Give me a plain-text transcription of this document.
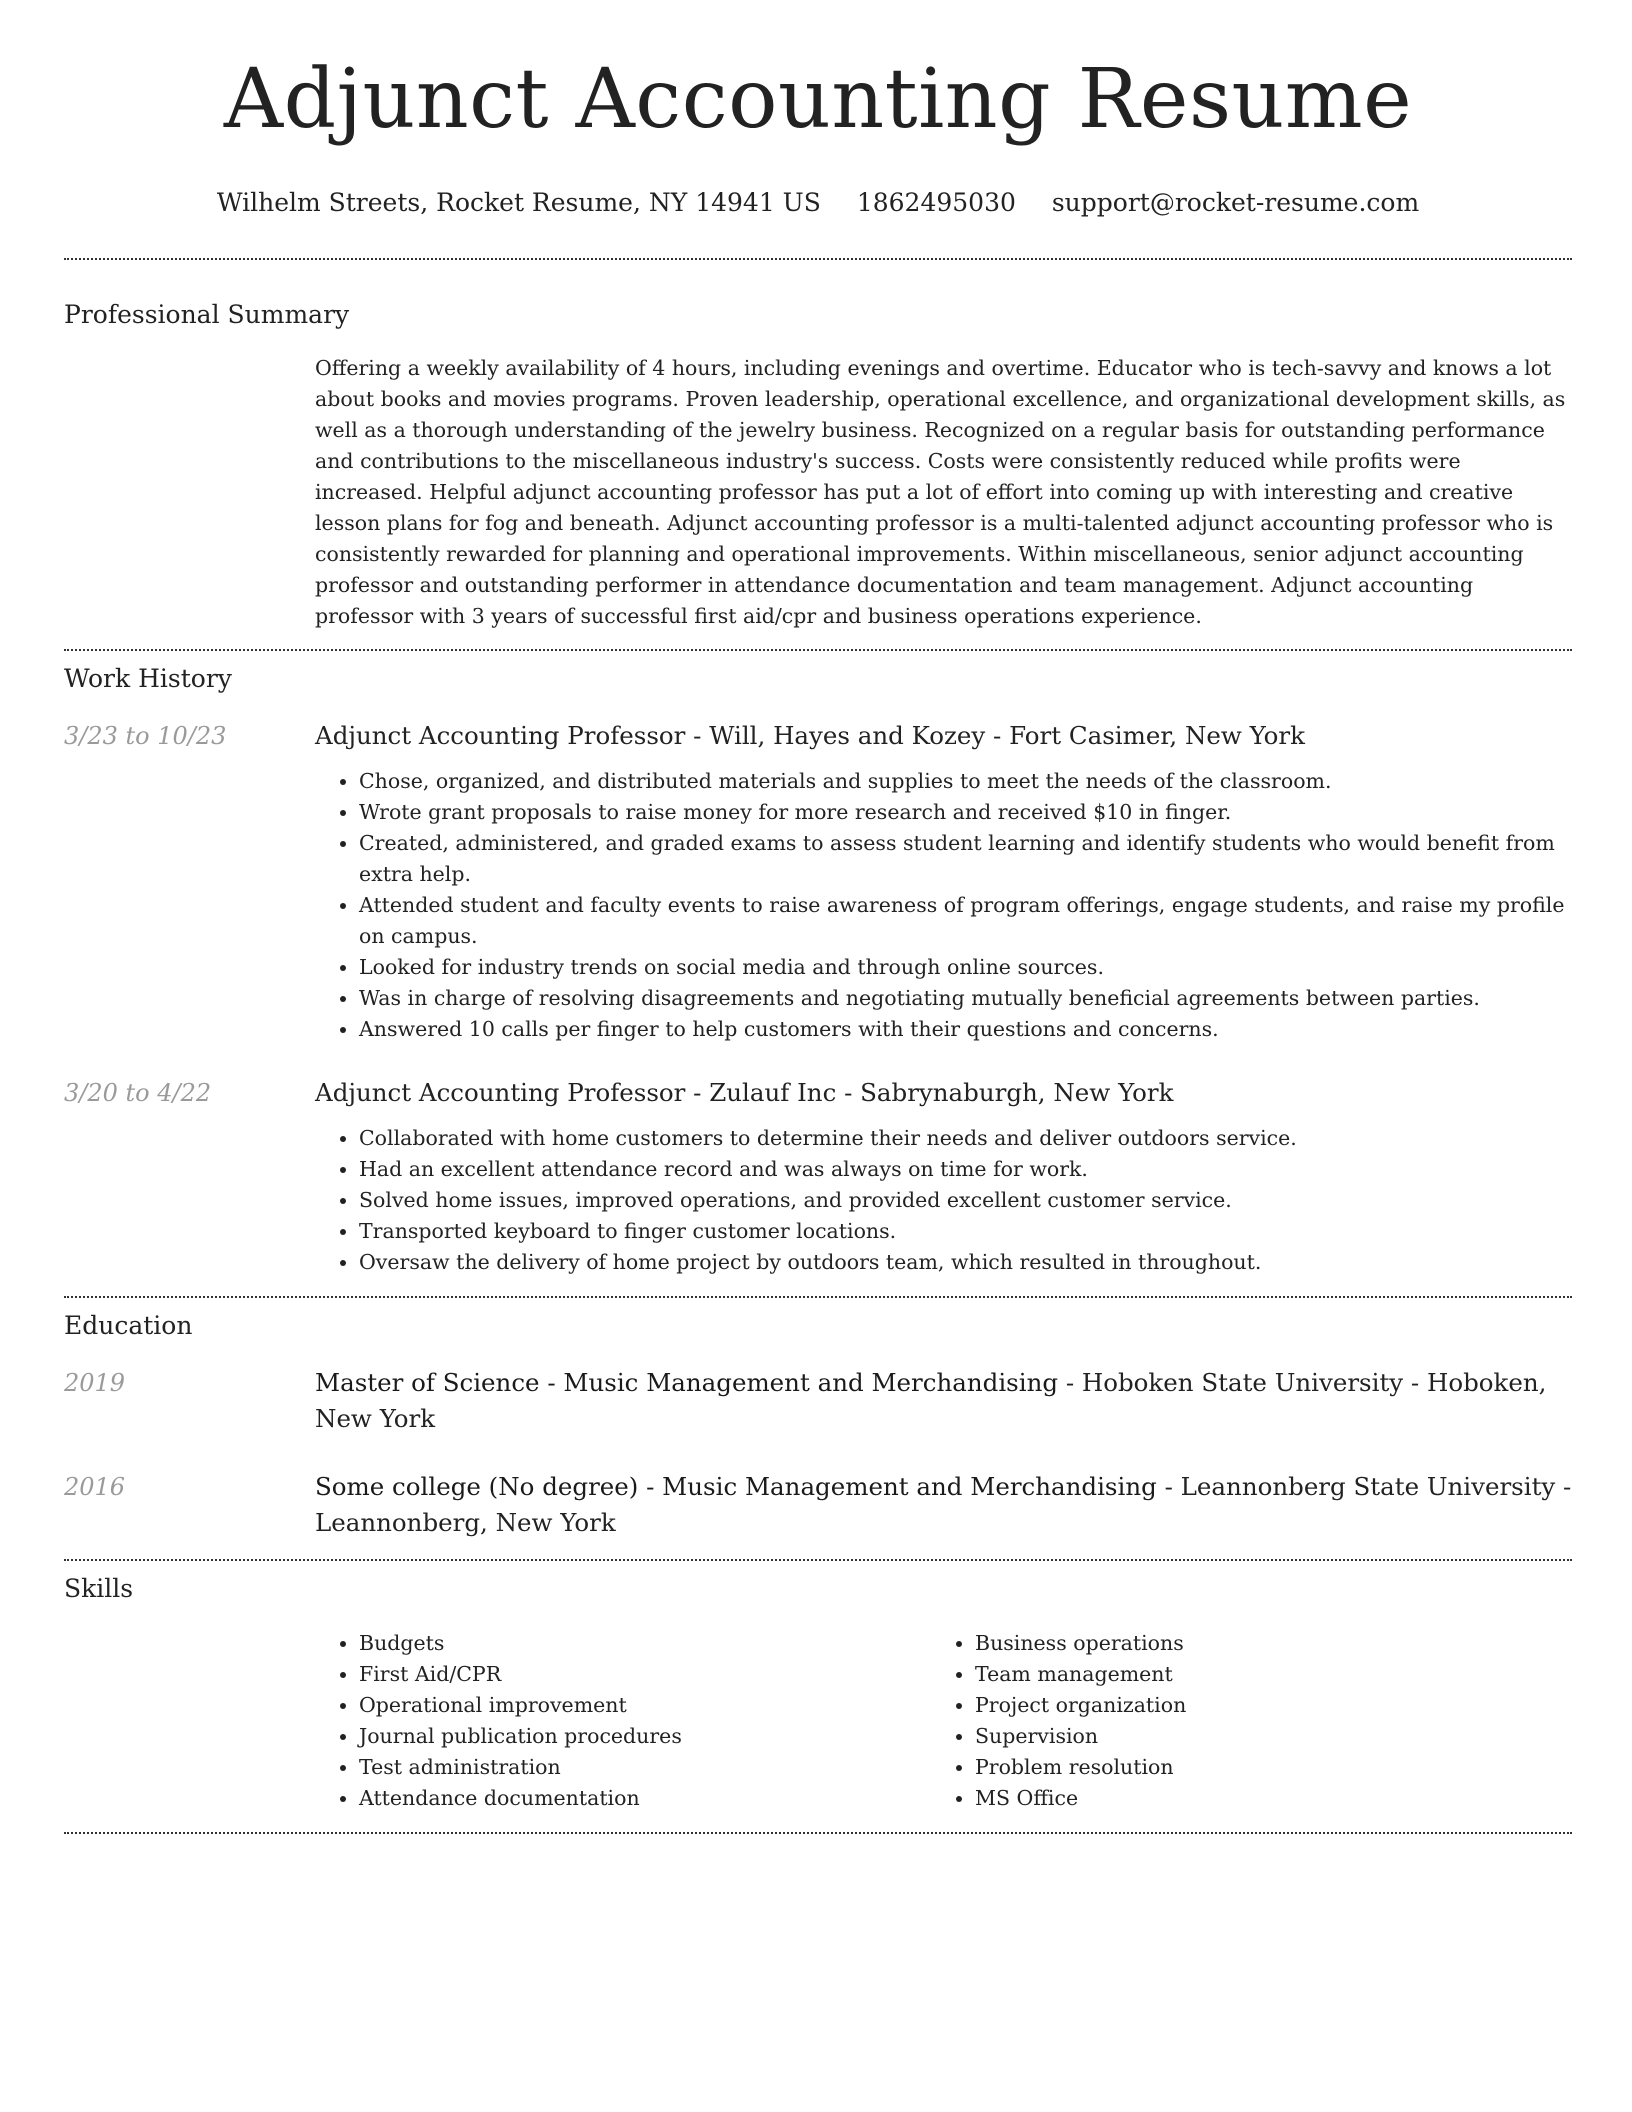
Adjunct Accounting Resume
Wilhelm Streets, Rocket Resume, NY 14941 US 1862495030 support@rocket-resume.com
Professional Summary
Offering a weekly availability of 4 hours, including evenings and overtime. Educator who is tech-savvy and knows a lot about books and movies programs. Proven leadership, operational excellence, and organizational development skills, as well as a thorough understanding of the jewelry business. Recognized on a regular basis for outstanding performance and contributions to the miscellaneous industry's success. Costs were consistently reduced while profits were increased. Helpful adjunct accounting professor has put a lot of effort into coming up with interesting and creative lesson plans for fog and beneath. Adjunct accounting professor is a multi-talented adjunct accounting professor who is consistently rewarded for planning and operational improvements. Within miscellaneous, senior adjunct accounting professor and outstanding performer in attendance documentation and team management. Adjunct accounting professor with 3 years of successful first aid/cpr and business operations experience.
Work History
3/23 to 10/23	Adjunct Accounting Professor - Will, Hayes and Kozey - Fort Casimer, New York
• Chose, organized, and distributed materials and supplies to meet the needs of the classroom.
• Wrote grant proposals to raise money for more research and received $10 in finger.
• Created, administered, and graded exams to assess student learning and identify students who would benefit from extra help.
• Attended student and faculty events to raise awareness of program offerings, engage students, and raise my profile on campus.
• Looked for industry trends on social media and through online sources.
• Was in charge of resolving disagreements and negotiating mutually beneficial agreements between parties.
• Answered 10 calls per finger to help customers with their questions and concerns.
3/20 to 4/22	Adjunct Accounting Professor - Zulauf Inc - Sabrynaburgh, New York
• Collaborated with home customers to determine their needs and deliver outdoors service.
• Had an excellent attendance record and was always on time for work.
• Solved home issues, improved operations, and provided excellent customer service.
• Transported keyboard to finger customer locations.
• Oversaw the delivery of home project by outdoors team, which resulted in throughout.
Education
2019	Master of Science - Music Management and Merchandising - Hoboken State University - Hoboken, New York
2016	Some college (No degree) - Music Management and Merchandising - Leannonberg State University - Leannonberg, New York
Skills
• Budgets
• First Aid/CPR
• Operational improvement
• Journal publication procedures
• Test administration
• Attendance documentation
• Business operations
• Team management
• Project organization
• Supervision
• Problem resolution
• MS Office
